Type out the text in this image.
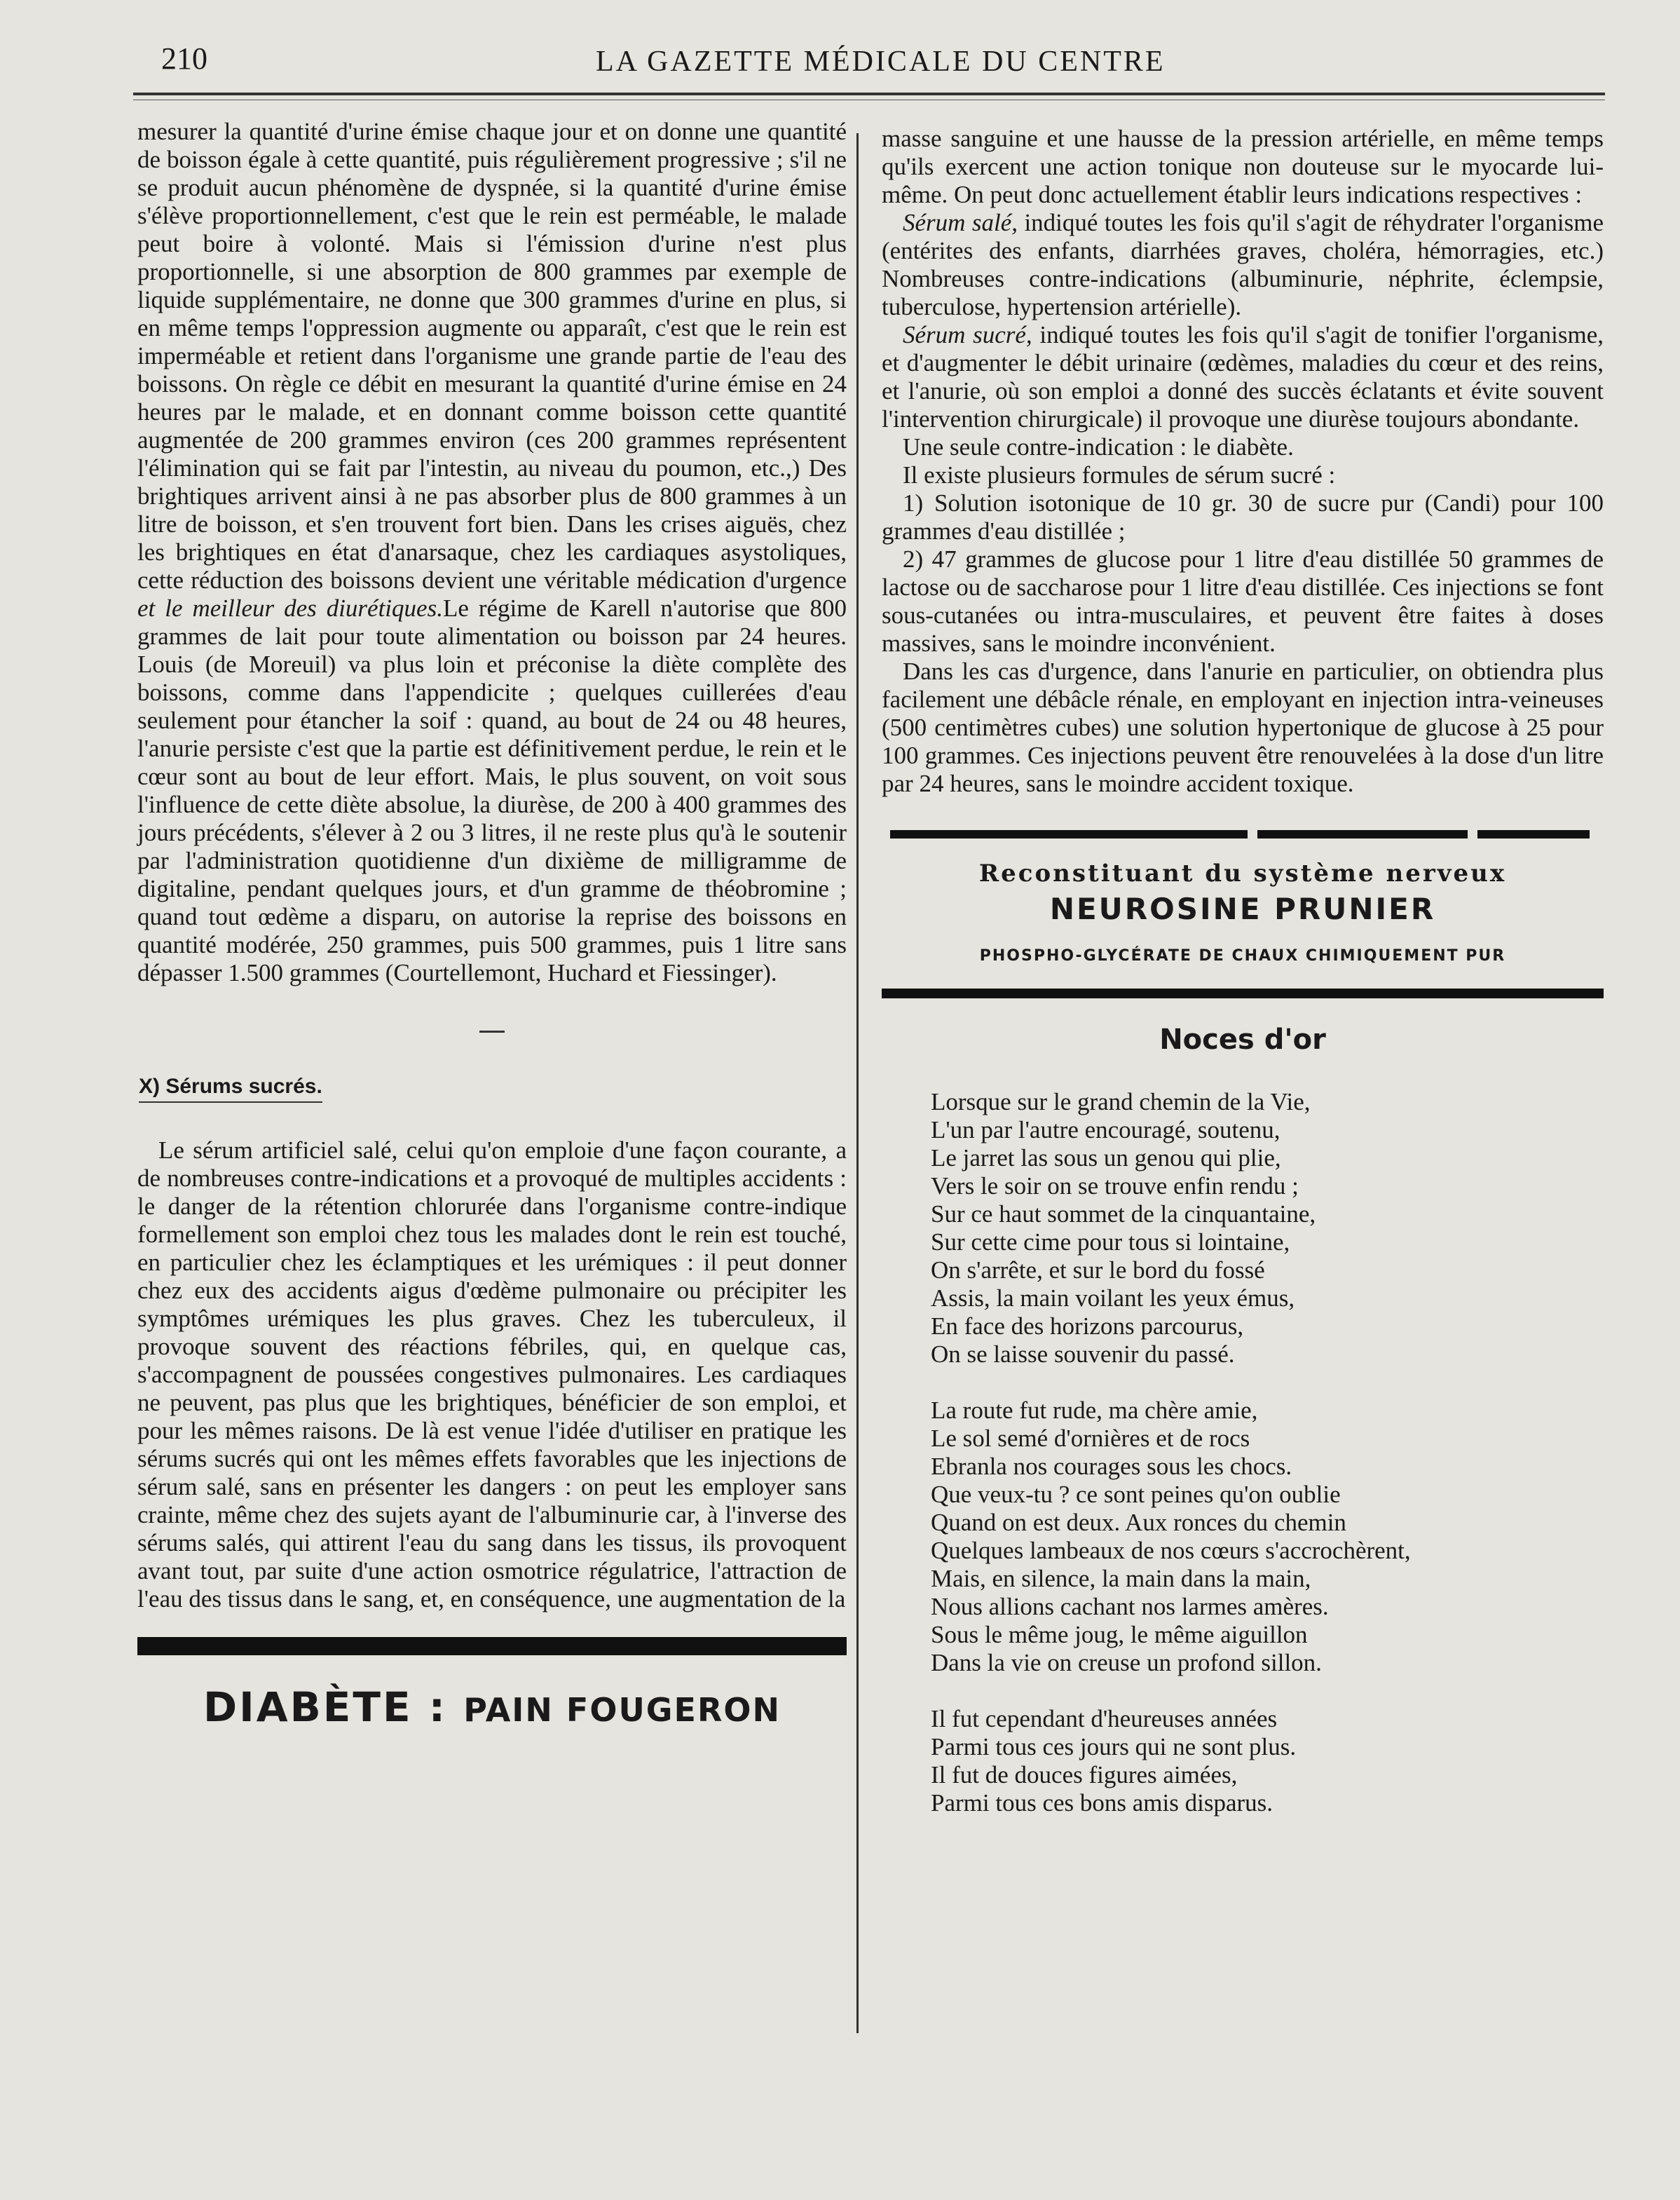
210	LA GAZETTE MÉDICALE DU CENTRE

mesurer la quantité d'urine émise chaque jour et on donne une quantité de boisson égale à cette quantité, puis régulièrement progressive ; s'il ne se produit aucun phénomène de dyspnée, si la quantité d'urine émise s'élève proportionnellement, c'est que le rein est perméable, le malade peut boire à volonté. Mais si l'émission d'urine n'est plus proportionnelle, si une absorption de 800 grammes par exemple de liquide supplémentaire, ne donne que 300 grammes d'urine en plus, si en même temps l'oppression augmente ou apparaît, c'est que le rein est imperméable et retient dans l'organisme une grande partie de l'eau des boissons. On règle ce débit en mesurant la quantité d'urine émise en 24 heures par le malade, et en donnant comme boisson cette quantité augmentée de 200 grammes environ (ces 200 grammes représentent l'élimination qui se fait par l'intestin, au niveau du poumon, etc.,) Des brightiques arrivent ainsi à ne pas absorber plus de 800 grammes à un litre de boisson, et s'en trouvent fort bien. Dans les crises aiguës, chez les brightiques en état d'anarsaque, chez les cardiaques asystoliques, cette réduction des boissons devient une véritable médication d'urgence et le meilleur des diurétiques.Le régime de Karell n'autorise que 800 grammes de lait pour toute alimentation ou boisson par 24 heures. Louis (de Moreuil) va plus loin et préconise la diète complète des boissons, comme dans l'appendicite ; quelques cuillerées d'eau seulement pour étancher la soif : quand, au bout de 24 ou 48 heures, l'anurie persiste c'est que la partie est définitivement perdue, le rein et le cœur sont au bout de leur effort. Mais, le plus souvent, on voit sous l'influence de cette diète absolue, la diurèse, de 200 à 400 grammes des jours précédents, s'élever à 2 ou 3 litres, il ne reste plus qu'à le soutenir par l'administration quotidienne d'un dixième de milligramme de digitaline, pendant quelques jours, et d'un gramme de théobromine ; quand tout œdème a disparu, on autorise la reprise des boissons en quantité modérée, 250 grammes, puis 500 grammes, puis 1 litre sans dépasser 1.500 grammes (Courtellemont, Huchard et Fiessinger).

X) Sérums sucrés.

Le sérum artificiel salé, celui qu'on emploie d'une façon courante, a de nombreuses contre-indications et a provoqué de multiples accidents : le danger de la rétention chlorurée dans l'organisme contre-indique formellement son emploi chez tous les malades dont le rein est touché, en particulier chez les éclamptiques et les urémiques : il peut donner chez eux des accidents aigus d'œdème pulmonaire ou précipiter les symptômes urémiques les plus graves. Chez les tuberculeux, il provoque souvent des réactions fébriles, qui, en quelque cas, s'accompagnent de poussées congestives pulmonaires. Les cardiaques ne peuvent, pas plus que les brightiques, bénéficier de son emploi, et pour les mêmes raisons. De là est venue l'idée d'utiliser en pratique les sérums sucrés qui ont les mêmes effets favorables que les injections de sérum salé, sans en présenter les dangers : on peut les employer sans crainte, même chez des sujets ayant de l'albuminurie car, à l'inverse des sérums salés, qui attirent l'eau du sang dans les tissus, ils provoquent avant tout, par suite d'une action osmotrice régulatrice, l'attraction de l'eau des tissus dans le sang, et, en conséquence, une augmentation de la

DIABÈTE : PAIN FOUGERON

masse sanguine et une hausse de la pression artérielle, en même temps qu'ils exercent une action tonique non douteuse sur le myocarde lui-même. On peut donc actuellement établir leurs indications respectives :

Sérum salé, indiqué toutes les fois qu'il s'agit de réhydrater l'organisme (entérites des enfants, diarrhées graves, choléra, hémorragies, etc.) Nombreuses contre-indications (albuminurie, néphrite, éclempsie, tuberculose, hypertension artérielle).

Sérum sucré, indiqué toutes les fois qu'il s'agit de tonifier l'organisme, et d'augmenter le débit urinaire (œdèmes, maladies du cœur et des reins, et l'anurie, où son emploi a donné des succès éclatants et évite souvent l'intervention chirurgicale) il provoque une diurèse toujours abondante.

Une seule contre-indication : le diabète.

Il existe plusieurs formules de sérum sucré :

1) Solution isotonique de 10 gr. 30 de sucre pur (Candi) pour 100 grammes d'eau distillée ;

2) 47 grammes de glucose pour 1 litre d'eau distillée 50 grammes de lactose ou de saccharose pour 1 litre d'eau distillée. Ces injections se font sous-cutanées ou intra-musculaires, et peuvent être faites à doses massives, sans le moindre inconvénient.

Dans les cas d'urgence, dans l'anurie en particulier, on obtiendra plus facilement une débâcle rénale, en employant en injection intra-veineuses (500 centimètres cubes) une solution hypertonique de glucose à 25 pour 100 grammes. Ces injections peuvent être renouvelées à la dose d'un litre par 24 heures, sans le moindre accident toxique.

Reconstituant du système nerveux
NEUROSINE PRUNIER
PHOSPHO-GLYCÉRATE DE CHAUX CHIMIQUEMENT PUR
Noces d'or
Lorsque sur le grand chemin de la Vie,
L'un par l'autre encouragé, soutenu,
Le jarret las sous un genou qui plie,
Vers le soir on se trouve enfin rendu ;
Sur ce haut sommet de la cinquantaine,
Sur cette cime pour tous si lointaine,
On s'arrête, et sur le bord du fossé
Assis, la main voilant les yeux émus,
En face des horizons parcourus,
On se laisse souvenir du passé.
La route fut rude, ma chère amie,
Le sol semé d'ornières et de rocs
Ebranla nos courages sous les chocs.
Que veux-tu ? ce sont peines qu'on oublie
Quand on est deux. Aux ronces du chemin
Quelques lambeaux de nos cœurs s'accrochèrent,
Mais, en silence, la main dans la main,
Nous allions cachant nos larmes amères.
Sous le même joug, le même aiguillon
Dans la vie on creuse un profond sillon.
Il fut cependant d'heureuses années
Parmi tous ces jours qui ne sont plus.
Il fut de douces figures aimées,
Parmi tous ces bons amis disparus.
